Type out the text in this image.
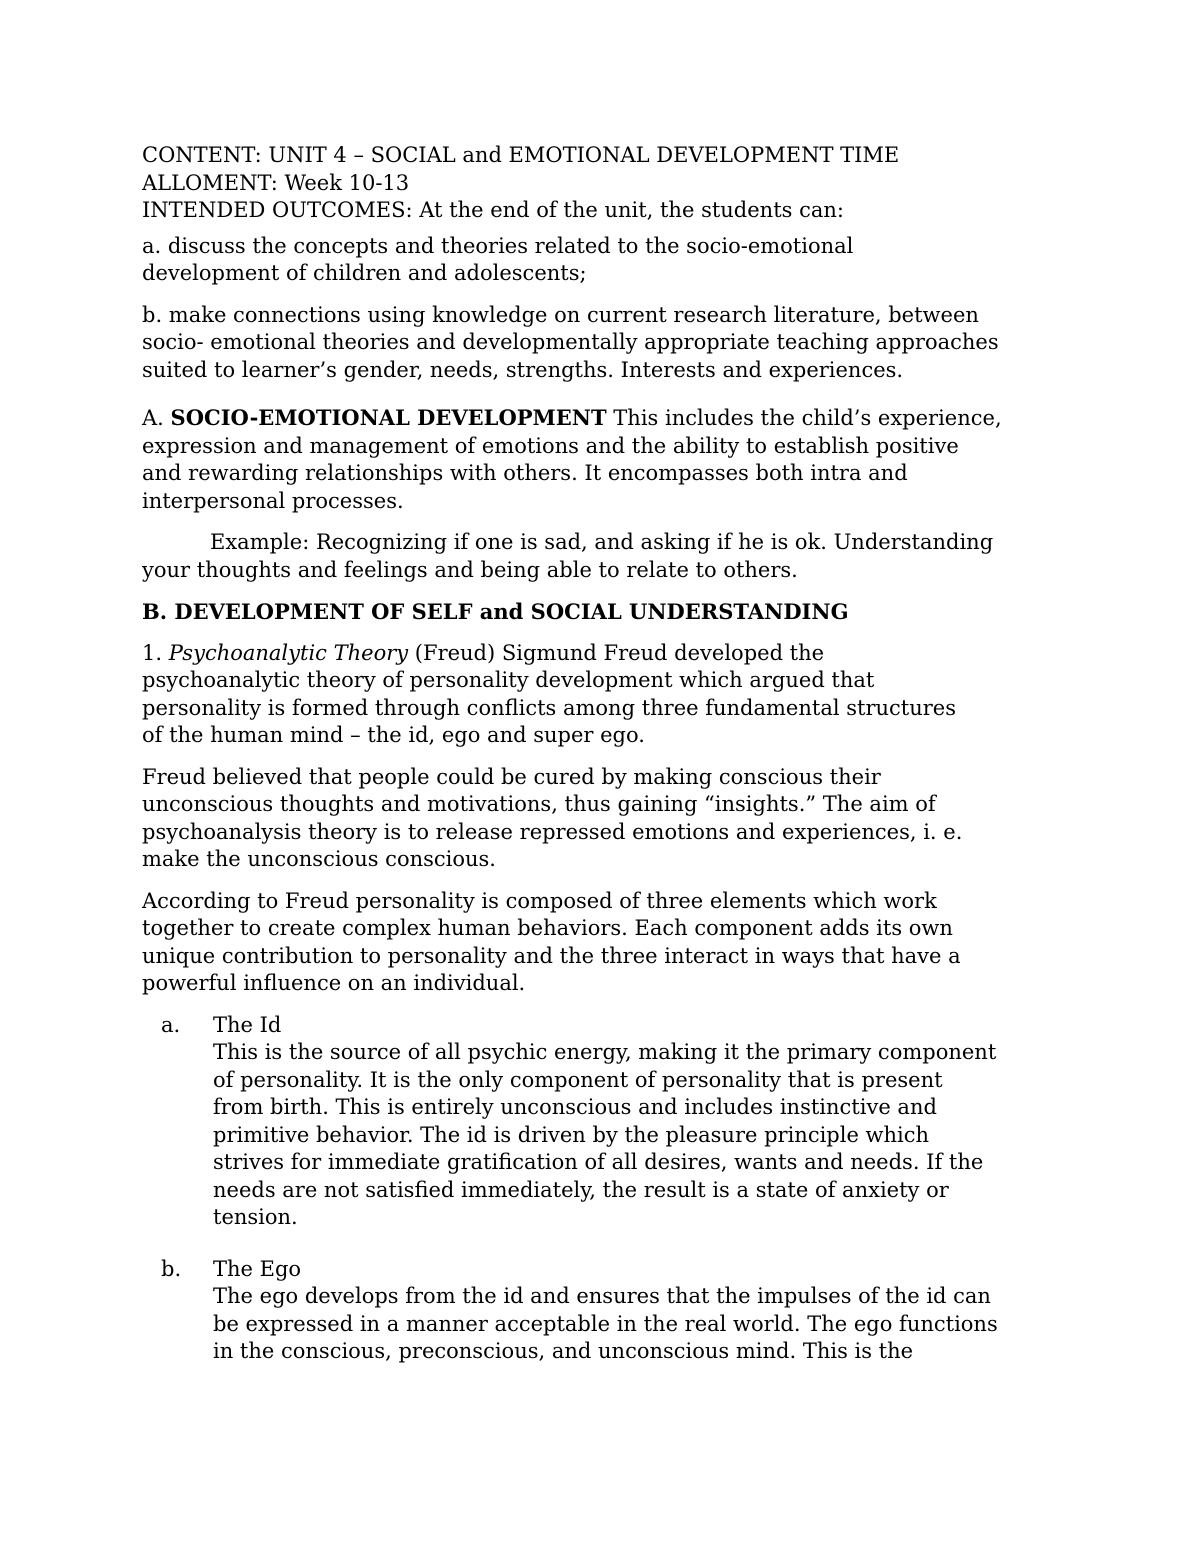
CONTENT: UNIT 4 – SOCIAL and EMOTIONAL DEVELOPMENT TIME
ALLOMENT: Week 10-13
INTENDED OUTCOMES: At the end of the unit, the students can:
a. discuss the concepts and theories related to the socio-emotional
development of children and adolescents;
b. make connections using knowledge on current research literature, between
socio- emotional theories and developmentally appropriate teaching approaches
suited to learner’s gender, needs, strengths. Interests and experiences.
A. SOCIO-EMOTIONAL DEVELOPMENT This includes the child’s experience,
expression and management of emotions and the ability to establish positive
and rewarding relationships with others. It encompasses both intra and
interpersonal processes.
Example: Recognizing if one is sad, and asking if he is ok. Understanding
your thoughts and feelings and being able to relate to others.
B. DEVELOPMENT OF SELF and SOCIAL UNDERSTANDING
1. Psychoanalytic Theory (Freud) Sigmund Freud developed the
psychoanalytic theory of personality development which argued that
personality is formed through conflicts among three fundamental structures
of the human mind – the id, ego and super ego.
Freud believed that people could be cured by making conscious their
unconscious thoughts and motivations, thus gaining “insights.” The aim of
psychoanalysis theory is to release repressed emotions and experiences, i. e.
make the unconscious conscious.
According to Freud personality is composed of three elements which work
together to create complex human behaviors. Each component adds its own
unique contribution to personality and the three interact in ways that have a
powerful influence on an individual.
a. The Id
This is the source of all psychic energy, making it the primary component
of personality. It is the only component of personality that is present
from birth. This is entirely unconscious and includes instinctive and
primitive behavior. The id is driven by the pleasure principle which
strives for immediate gratification of all desires, wants and needs. If the
needs are not satisfied immediately, the result is a state of anxiety or
tension.
b. The Ego
The ego develops from the id and ensures that the impulses of the id can
be expressed in a manner acceptable in the real world. The ego functions
in the conscious, preconscious, and unconscious mind. This is the
